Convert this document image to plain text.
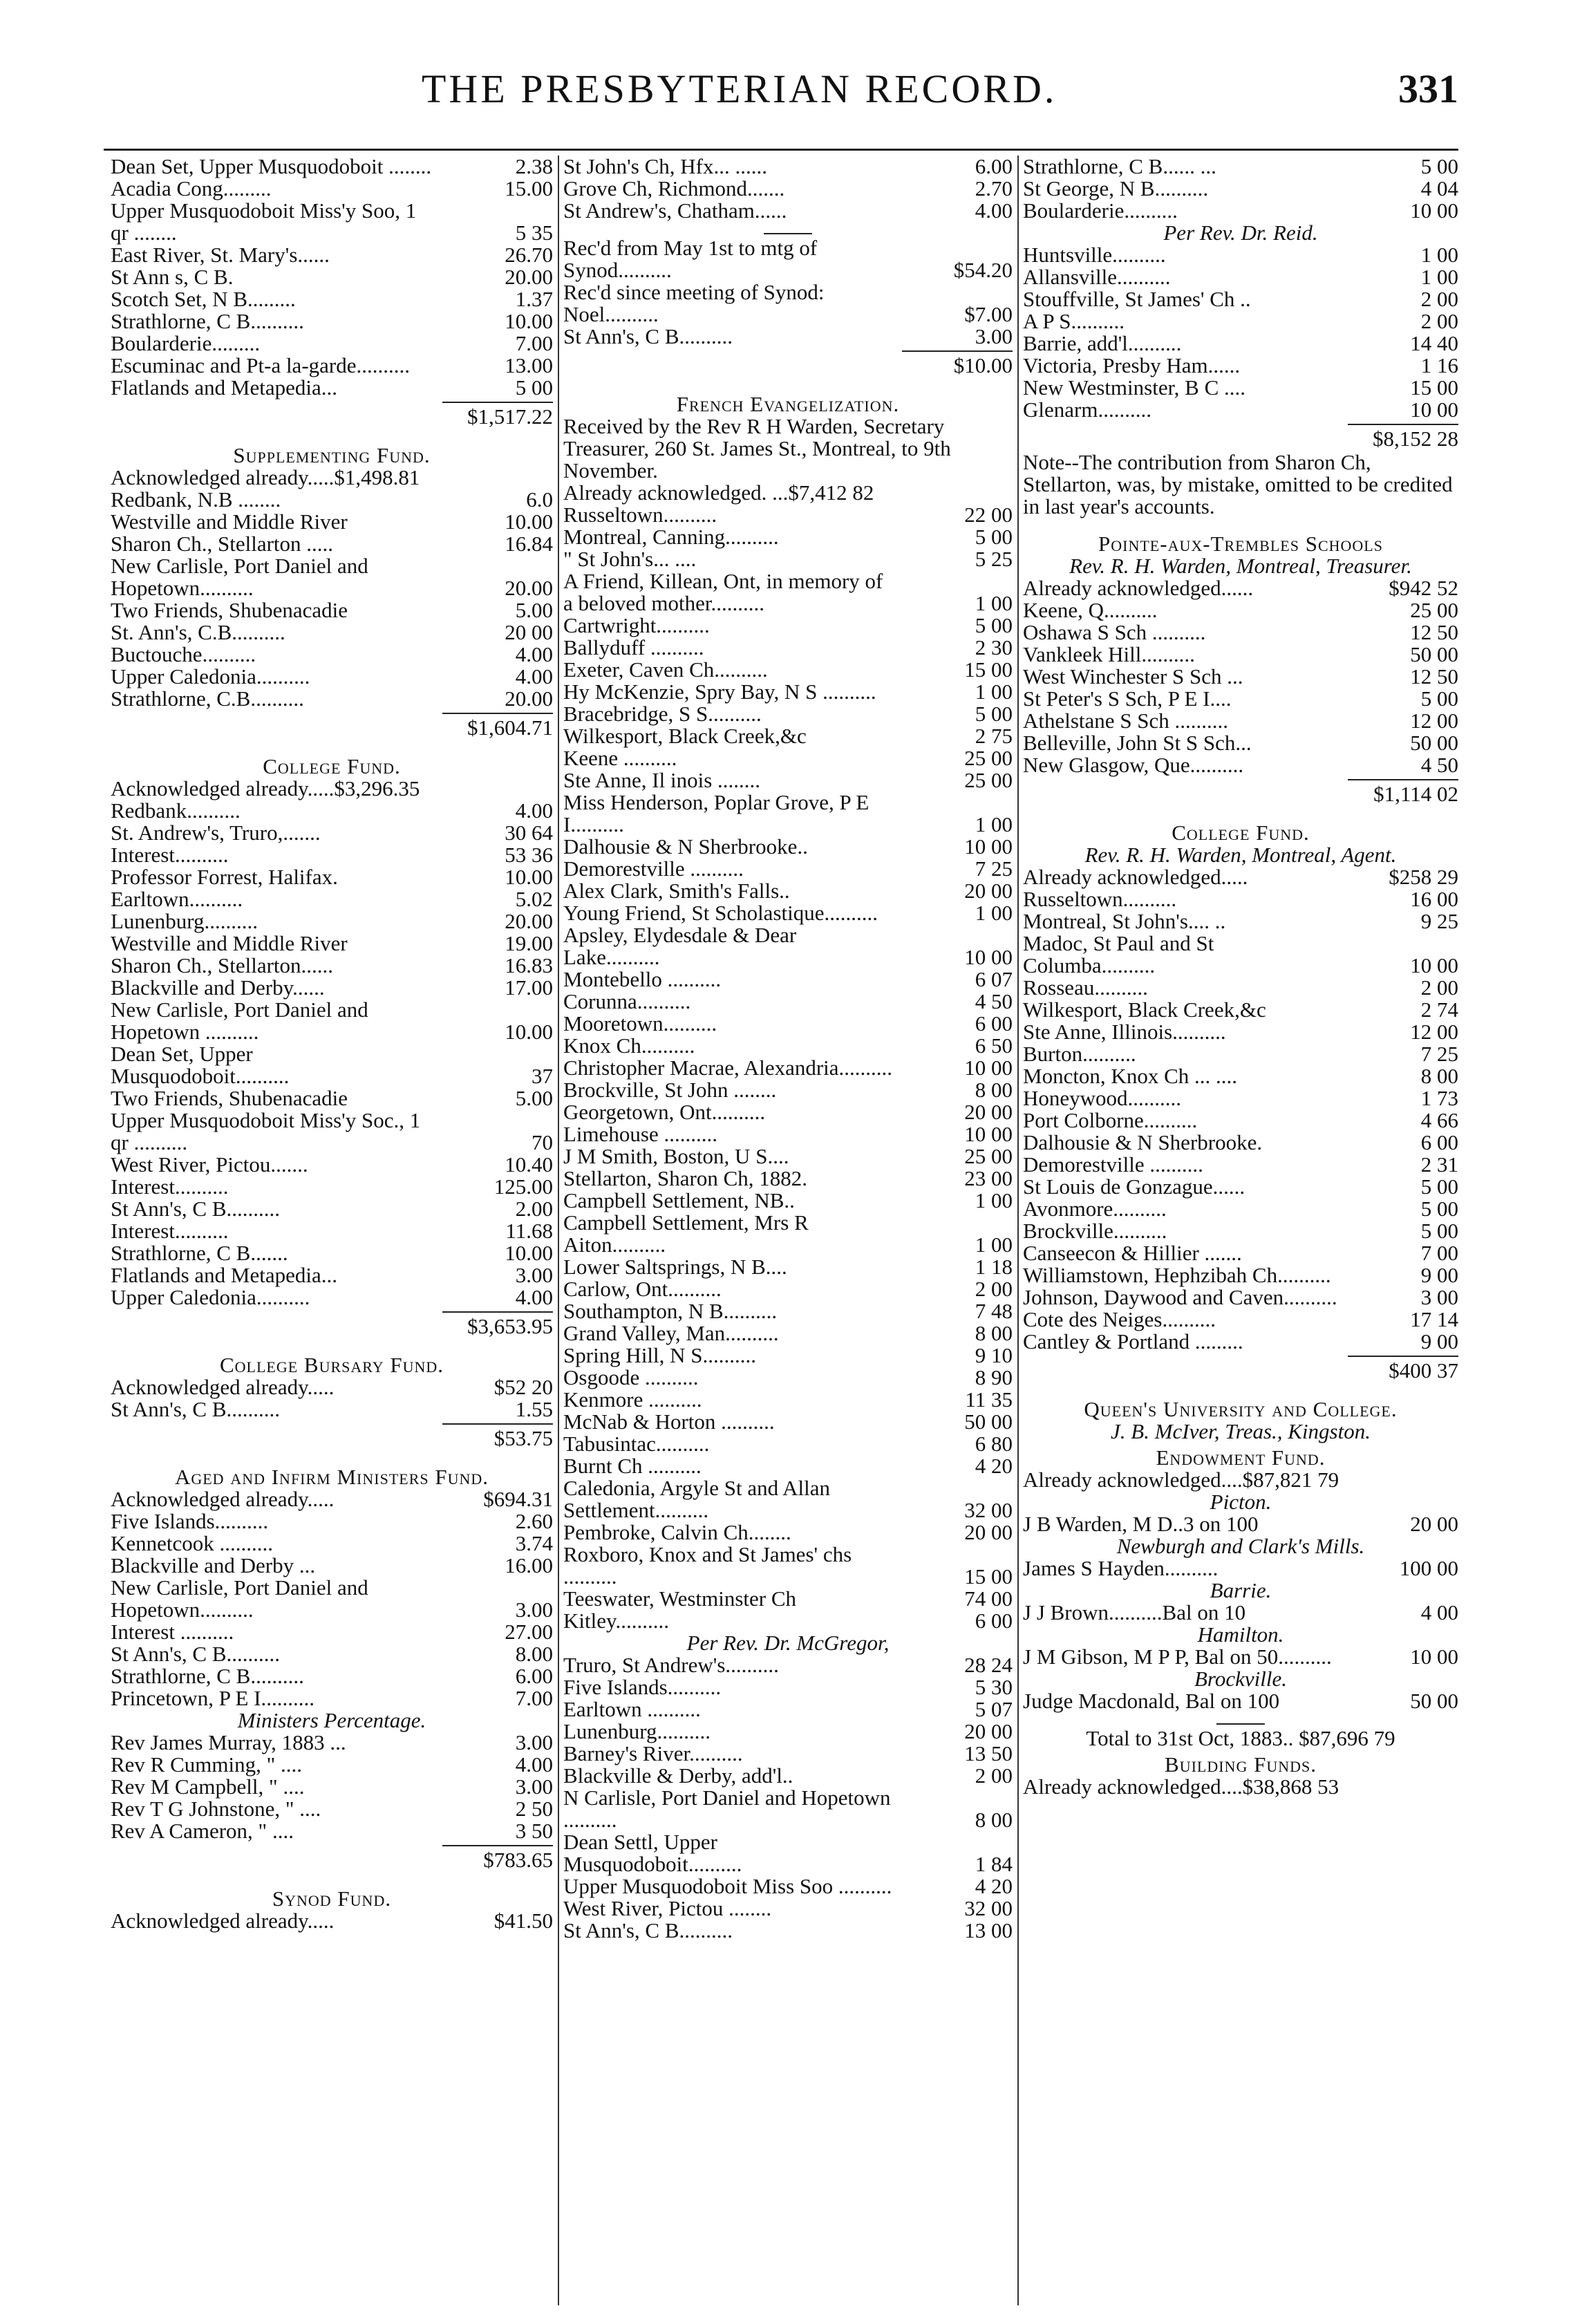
THE PRESBYTERIAN RECORD.	331
Dean Set, Upper Musquodoboit ........	2.38
Acadia Cong.........	15.00
Upper Musquodoboit Miss'y Soo, 1 qr ........	5 35
East River, St. Mary's......	26.70
St Ann s, C B.	20.00
Scotch Set, N B.........	1.37
Strathlorne, C B..........	10.00
Boularderie.........	7.00
Escuminac and Pt-a la-garde..........	13.00
Flatlands and Metapedia...	5 00
$1,517.22
Supplementing Fund.
Acknowledged already.....$1,498.81
Redbank, N.B ........	6.0
Westville and Middle River	10.00
Sharon Ch., Stellarton .....	16.84
New Carlisle, Port Daniel and Hopetown..........	20.00
Two Friends, Shubenacadie	5.00
St. Ann's, C.B..........	20 00
Buctouche..........	4.00
Upper Caledonia..........	4.00
Strathlorne, C.B..........	20.00
$1,604.71
College Fund.
Acknowledged already.....$3,296.35
Redbank..........	4.00
St. Andrew's, Truro,.......	30 64
Interest..........	53 36
Professor Forrest, Halifax.	10.00
Earltown..........	5.02
Lunenburg..........	20.00
Westville and Middle River	19.00
Sharon Ch., Stellarton......	16.83
Blackville and Derby......	17.00
New Carlisle, Port Daniel and Hopetown ..........	10.00
Dean Set, Upper Musquodoboit..........	37
Two Friends, Shubenacadie	5.00
Upper Musquodoboit Miss'y Soc., 1 qr ..........	70
West River, Pictou.......	10.40
Interest..........	125.00
St Ann's, C B..........	2.00
Interest..........	11.68
Strathlorne, C B.......	10.00
Flatlands and Metapedia...	3.00
Upper Caledonia..........	4.00
$3,653.95
College Bursary Fund.
Acknowledged already.....	$52 20
St Ann's, C B..........	1.55
$53.75
Aged and Infirm Ministers Fund.
Acknowledged already.....	$694.31
Five Islands..........	2.60
Kennetcook ..........	3.74
Blackville and Derby ...	16.00
New Carlisle, Port Daniel and Hopetown..........	3.00
Interest ..........	27.00
St Ann's, C B..........	8.00
Strathlorne, C B..........	6.00
Princetown, P E I..........	7.00
Ministers Percentage.
Rev James Murray, 1883 ...	3.00
Rev R Cumming, " ....	4.00
Rev M Campbell, " ....	3.00
Rev T G Johnstone, " ....	2 50
Rev A Cameron, " ....	3 50
$783.65
Synod Fund.
Acknowledged already.....	$41.50
St John's Ch, Hfx... ......	6.00
Grove Ch, Richmond.......	2.70
St Andrew's, Chatham......	4.00
Rec'd from May 1st to mtg of Synod..........	$54.20
Rec'd since meeting of Synod: Noel..........	$7.00
St Ann's, C B..........	3.00
$10.00
French Evangelization.
Received by the Rev R H Warden, Secretary Treasurer, 260 St. James St., Montreal, to 9th November.
Already acknowledged. ...$7,412 82
Russeltown..........	22 00
Montreal, Canning..........	5 00
" St John's... ....	5 25
A Friend, Killean, Ont, in memory of a beloved mother..........	1 00
Cartwright..........	5 00
Ballyduff ..........	2 30
Exeter, Caven Ch..........	15 00
Hy McKenzie, Spry Bay, N S ..........	1 00
Bracebridge, S S..........	5 00
Wilkesport, Black Creek,&c	2 75
Keene ..........	25 00
Ste Anne, Il inois ........	25 00
Miss Henderson, Poplar Grove, P E I..........	1 00
Dalhousie & N Sherbrooke..	10 00
Demorestville ..........	7 25
Alex Clark, Smith's Falls..	20 00
Young Friend, St Scholastique..........	1 00
Apsley, Elydesdale & Dear Lake..........	10 00
Montebello ..........	6 07
Corunna..........	4 50
Mooretown..........	6 00
Knox Ch..........	6 50
Christopher Macrae, Alexandria..........	10 00
Brockville, St John ........	8 00
Georgetown, Ont..........	20 00
Limehouse ..........	10 00
J M Smith, Boston, U S....	25 00
Stellarton, Sharon Ch, 1882.	23 00
Campbell Settlement, NB..	1 00
Campbell Settlement, Mrs R Aiton..........	1 00
Lower Saltsprings, N B....	1 18
Carlow, Ont..........	2 00
Southampton, N B..........	7 48
Grand Valley, Man..........	8 00
Spring Hill, N S..........	9 10
Osgoode ..........	8 90
Kenmore ..........	11 35
McNab & Horton ..........	50 00
Tabusintac..........	6 80
Burnt Ch ..........	4 20
Caledonia, Argyle St and Allan Settlement..........	32 00
Pembroke, Calvin Ch........	20 00
Roxboro, Knox and St James' chs ..........	15 00
Teeswater, Westminster Ch	74 00
Kitley..........	6 00
Per Rev. Dr. McGregor,
Truro, St Andrew's..........	28 24
Five Islands..........	5 30
Earltown ..........	5 07
Lunenburg..........	20 00
Barney's River..........	13 50
Blackville & Derby, add'l..	2 00
N Carlisle, Port Daniel and Hopetown ..........	8 00
Dean Settl, Upper Musquodoboit..........	1 84
Upper Musquodoboit Miss Soo ..........	4 20
West River, Pictou ........	32 00
St Ann's, C B..........	13 00
Strathlorne, C B...... ...	5 00
St George, N B..........	4 04
Boularderie..........	10 00
Per Rev. Dr. Reid.
Huntsville..........	1 00
Allansville..........	1 00
Stouffville, St James' Ch ..	2 00
A P S..........	2 00
Barrie, add'l..........	14 40
Victoria, Presby Ham......	1 16
New Westminster, B C ....	15 00
Glenarm..........	10 00
$8,152 28
Note--The contribution from Sharon Ch, Stellarton, was, by mistake, omitted to be credited in last year's accounts.
Pointe-aux-Trembles Schools
Rev. R. H. Warden, Montreal, Treasurer.
Already acknowledged......	$942 52
Keene, Q..........	25 00
Oshawa S Sch ..........	12 50
Vankleek Hill..........	50 00
West Winchester S Sch ...	12 50
St Peter's S Sch, P E I....	5 00
Athelstane S Sch ..........	12 00
Belleville, John St S Sch...	50 00
New Glasgow, Que..........	4 50
$1,114 02
College Fund.
Rev. R. H. Warden, Montreal, Agent.
Already acknowledged.....	$258 29
Russeltown..........	16 00
Montreal, St John's.... ..	9 25
Madoc, St Paul and St Columba..........	10 00
Rosseau..........	2 00
Wilkesport, Black Creek,&c	2 74
Ste Anne, Illinois..........	12 00
Burton..........	7 25
Moncton, Knox Ch ... ....	8 00
Honeywood..........	1 73
Port Colborne..........	4 66
Dalhousie & N Sherbrooke.	6 00
Demorestville ..........	2 31
St Louis de Gonzague......	5 00
Avonmore..........	5 00
Brockville..........	5 00
Canseecon & Hillier .......	7 00
Williamstown, Hephzibah Ch..........	9 00
Johnson, Daywood and Caven..........	3 00
Cote des Neiges..........	17 14
Cantley & Portland .........	9 00
$400 37
Queen's University and College.
J. B. McIver, Treas., Kingston.
Endowment Fund.
Already acknowledged....$87,821 79
Picton.
J B Warden, M D..3 on 100	20 00
Newburgh and Clark's Mills.
James S Hayden..........	100 00
Barrie.
J J Brown..........Bal on 10	4 00
Hamilton.
J M Gibson, M P P, Bal on 50..........	10 00
Brockville.
Judge Macdonald, Bal on 100	50 00
Total to 31st Oct, 1883.. $87,696 79
Building Funds.
Already acknowledged....$38,868 53
